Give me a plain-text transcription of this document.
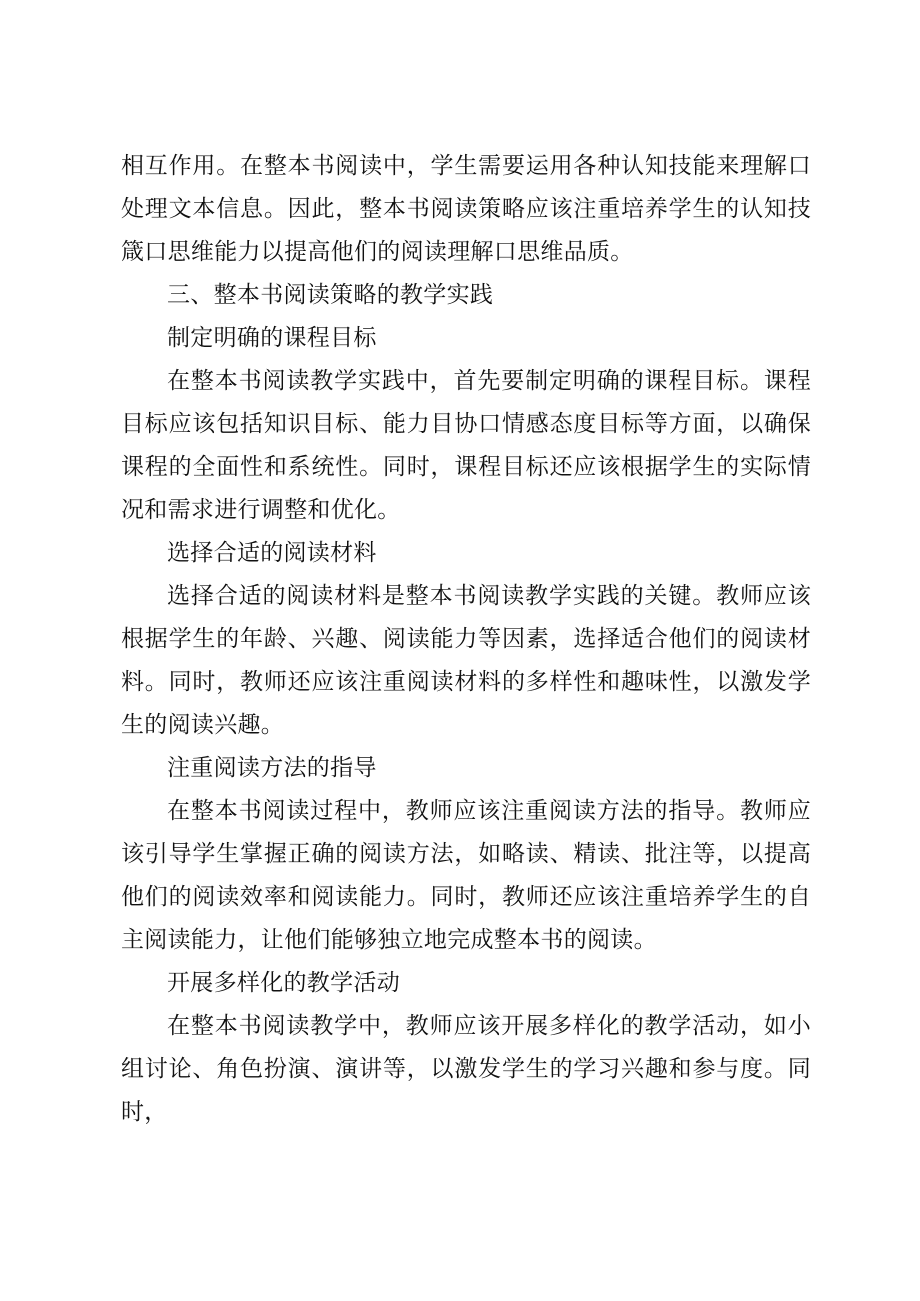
相互作用。在整本书阅读中，学生需要运用各种认知技能来理解口处理文本信息。因此，整本书阅读策略应该注重培养学生的认知技箴口思维能力以提高他们的阅读理解口思维品质。

三、整本书阅读策略的教学实践

制定明确的课程目标

在整本书阅读教学实践中，首先要制定明确的课程目标。课程目标应该包括知识目标、能力目协口情感态度目标等方面，以确保课程的全面性和系统性。同时，课程目标还应该根据学生的实际情况和需求进行调整和优化。

选择合适的阅读材料

选择合适的阅读材料是整本书阅读教学实践的关键。教师应该根据学生的年龄、兴趣、阅读能力等因素，选择适合他们的阅读材料。同时，教师还应该注重阅读材料的多样性和趣味性，以激发学生的阅读兴趣。

注重阅读方法的指导

在整本书阅读过程中，教师应该注重阅读方法的指导。教师应该引导学生掌握正确的阅读方法，如略读、精读、批注等，以提高他们的阅读效率和阅读能力。同时，教师还应该注重培养学生的自主阅读能力，让他们能够独立地完成整本书的阅读。

开展多样化的教学活动

在整本书阅读教学中，教师应该开展多样化的教学活动，如小组讨论、角色扮演、演讲等，以激发学生的学习兴趣和参与度。同时，
